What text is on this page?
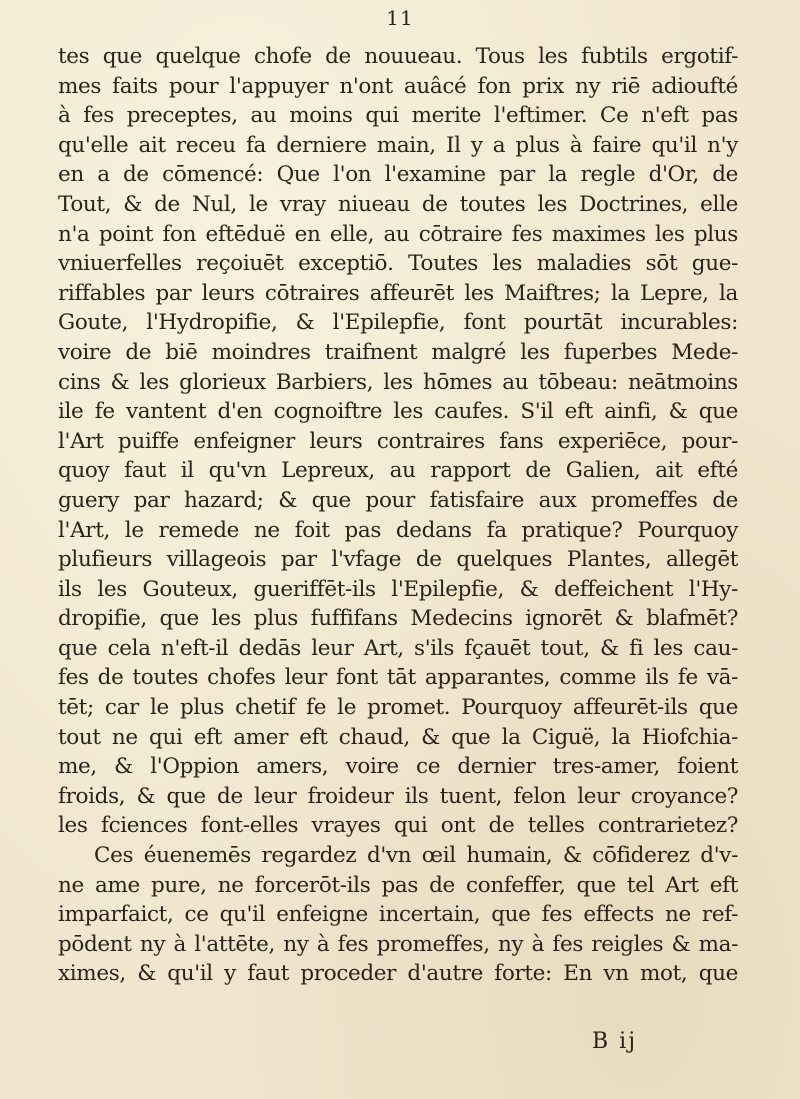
11
tes que quelque chofe de nouueau. Tous les fubtils ergotif-
mes faits pour l'appuyer n'ont auâcé fon prix ny riē adioufté
à fes preceptes, au moins qui merite l'eftimer. Ce n'eft pas
qu'elle ait receu fa derniere main, Il y a plus à faire qu'il n'y
en a de cōmencé: Que l'on l'examine par la regle d'Or, de
Tout, & de Nul, le vray niueau de toutes les Doctrines, elle
n'a point fon eftēduë en elle, au cōtraire fes maximes les plus
vniuerfelles reçoiuēt exceptiō. Toutes les maladies sōt gue-
riffables par leurs cōtraires affeurēt les Maiftres; la Lepre, la
Goute, l'Hydropifie, & l'Epilepfie, font pourtāt incurables:
voire de biē moindres traifnent malgré les fuperbes Mede-
cins & les glorieux Barbiers, les hōmes au tōbeau: neātmoins
ile fe vantent d'en cognoiftre les caufes. S'il eft ainfi, & que
l'Art puiffe enfeigner leurs contraires fans experiēce, pour-
quoy faut il qu'vn Lepreux, au rapport de Galien, ait efté
guery par hazard; & que pour fatisfaire aux promeffes de
l'Art, le remede ne foit pas dedans fa pratique? Pourquoy
plufieurs villageois par l'vfage de quelques Plantes, allegēt
ils les Gouteux, gueriffēt-ils l'Epilepfie, & deffeichent l'Hy-
dropifie, que les plus fuffifans Medecins ignorēt & blafmēt?
que cela n'eft-il dedās leur Art, s'ils fçauēt tout, & fi les cau-
fes de toutes chofes leur font tāt apparantes, comme ils fe vā-
tēt; car le plus chetif fe le promet. Pourquoy affeurēt-ils que
tout ne qui eft amer eft chaud, & que la Ciguë, la Hiofchia-
me, & l'Oppion amers, voire ce dernier tres-amer, foient
froids, & que de leur froideur ils tuent, felon leur croyance?
les fciences font-elles vrayes qui ont de telles contrarietez?
Ces éuenemēs regardez d'vn œil humain, & cōfiderez d'v-
ne ame pure, ne forcerōt-ils pas de confeffer, que tel Art eft
imparfaict, ce qu'il enfeigne incertain, que fes effects ne ref-
pōdent ny à l'attēte, ny à fes promeffes, ny à fes reigles & ma-
ximes, & qu'il y faut proceder d'autre forte: En vn mot, que
B ij
